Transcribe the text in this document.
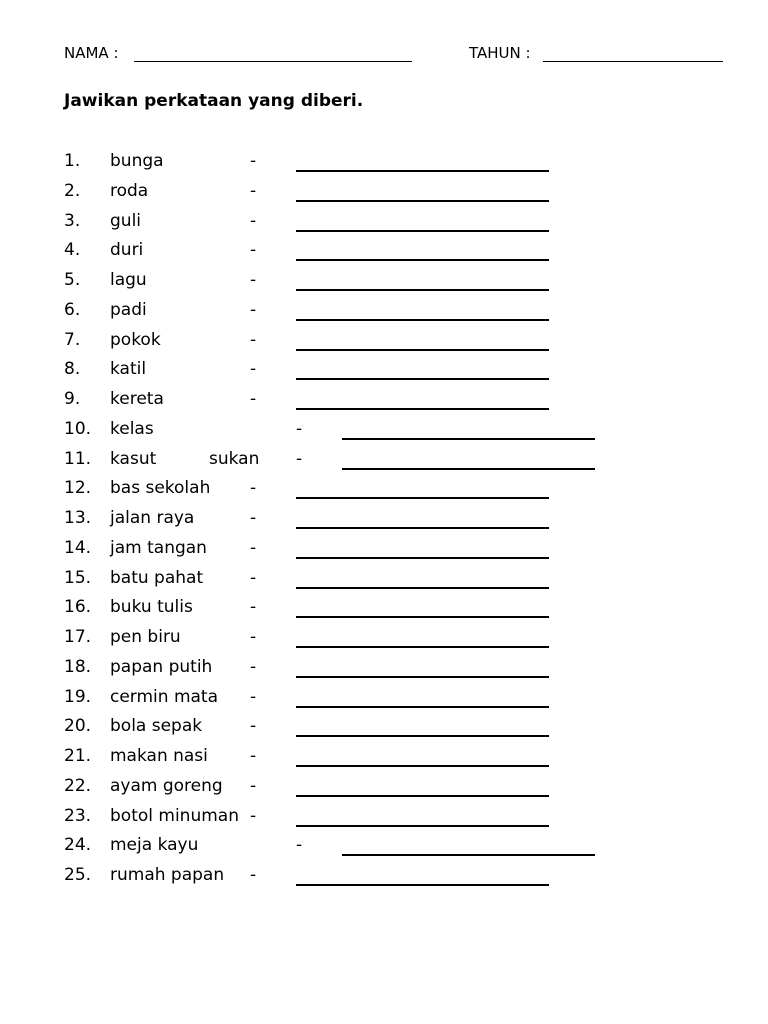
NAMA :	TAHUN :
Jawikan perkataan yang diberi.
1. bunga	-
2. roda	-
3. guli	-
4. duri	-
5. lagu	-
6. padi	-
7. pokok	-
8. katil	-
9. kereta	-
10. kelas	-
11. kasut	sukan -
12. bas sekolah -
13. jalan raya	-
14. jam tangan	-
15. batu pahat	-
16. buku tulis	-
17. pen biru	-
18. papan putih -
19. cermin mata -
20. bola sepak	-
21. makan nasi -
22. ayam goreng -
23. botol minuman -
24. meja kayu	-
25. rumah papan -
